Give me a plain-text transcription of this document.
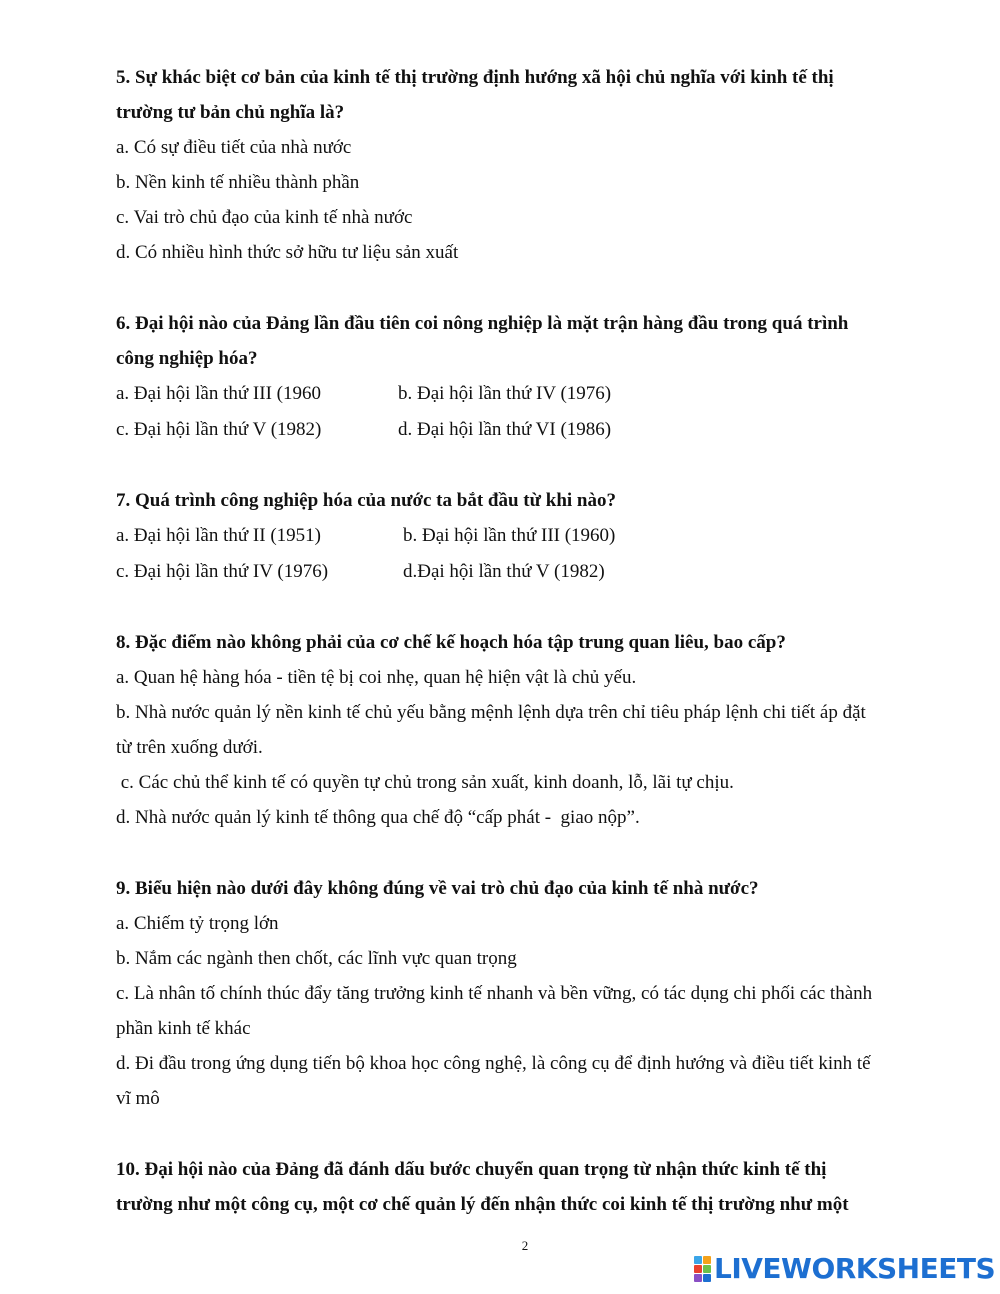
5. Sự khác biệt cơ bản của kinh tế thị trường định hướng xã hội chủ nghĩa với kinh tế thị
trường tư bản chủ nghĩa là?

a. Có sự điều tiết của nhà nước

b. Nền kinh tế nhiều thành phần

c. Vai trò chủ đạo của kinh tế nhà nước

d. Có nhiều hình thức sở hữu tư liệu sản xuất

6. Đại hội nào của Đảng lần đầu tiên coi nông nghiệp là mặt trận hàng đầu trong quá trình
công nghiệp hóa?

a. Đại hội lần thứ III (1960	b. Đại hội lần thứ IV (1976)
c. Đại hội lần thứ V (1982)	d. Đại hội lần thứ VI (1986)

7. Quá trình công nghiệp hóa của nước ta bắt đầu từ khi nào?

a. Đại hội lần thứ II (1951)	b. Đại hội lần thứ III (1960)
c. Đại hội lần thứ IV (1976)	d.Đại hội lần thứ V (1982)

8. Đặc điểm nào không phải của cơ chế kế hoạch hóa tập trung quan liêu, bao cấp?

a. Quan hệ hàng hóa - tiền tệ bị coi nhẹ, quan hệ hiện vật là chủ yếu.

b. Nhà nước quản lý nền kinh tế chủ yếu bằng mệnh lệnh dựa trên chỉ tiêu pháp lệnh chi tiết áp đặt
từ trên xuống dưới.

c. Các chủ thể kinh tế có quyền tự chủ trong sản xuất, kinh doanh, lỗ, lãi tự chịu.

d. Nhà nước quản lý kinh tế thông qua chế độ “cấp phát -  giao nộp”.

9. Biểu hiện nào dưới đây không đúng về vai trò chủ đạo của kinh tế nhà nước?

a. Chiếm tỷ trọng lớn

b. Nắm các ngành then chốt, các lĩnh vực quan trọng

c. Là nhân tố chính thúc đẩy tăng trưởng kinh tế nhanh và bền vững, có tác dụng chi phối các thành
phần kinh tế khác

d. Đi đầu trong ứng dụng tiến bộ khoa học công nghệ, là công cụ để định hướng và điều tiết kinh tế
vĩ mô

10. Đại hội nào của Đảng đã đánh dấu bước chuyển quan trọng từ nhận thức kinh tế thị
trường như một công cụ, một cơ chế quản lý đến nhận thức coi kinh tế thị trường như một

2
LIVEWORKSHEETS
